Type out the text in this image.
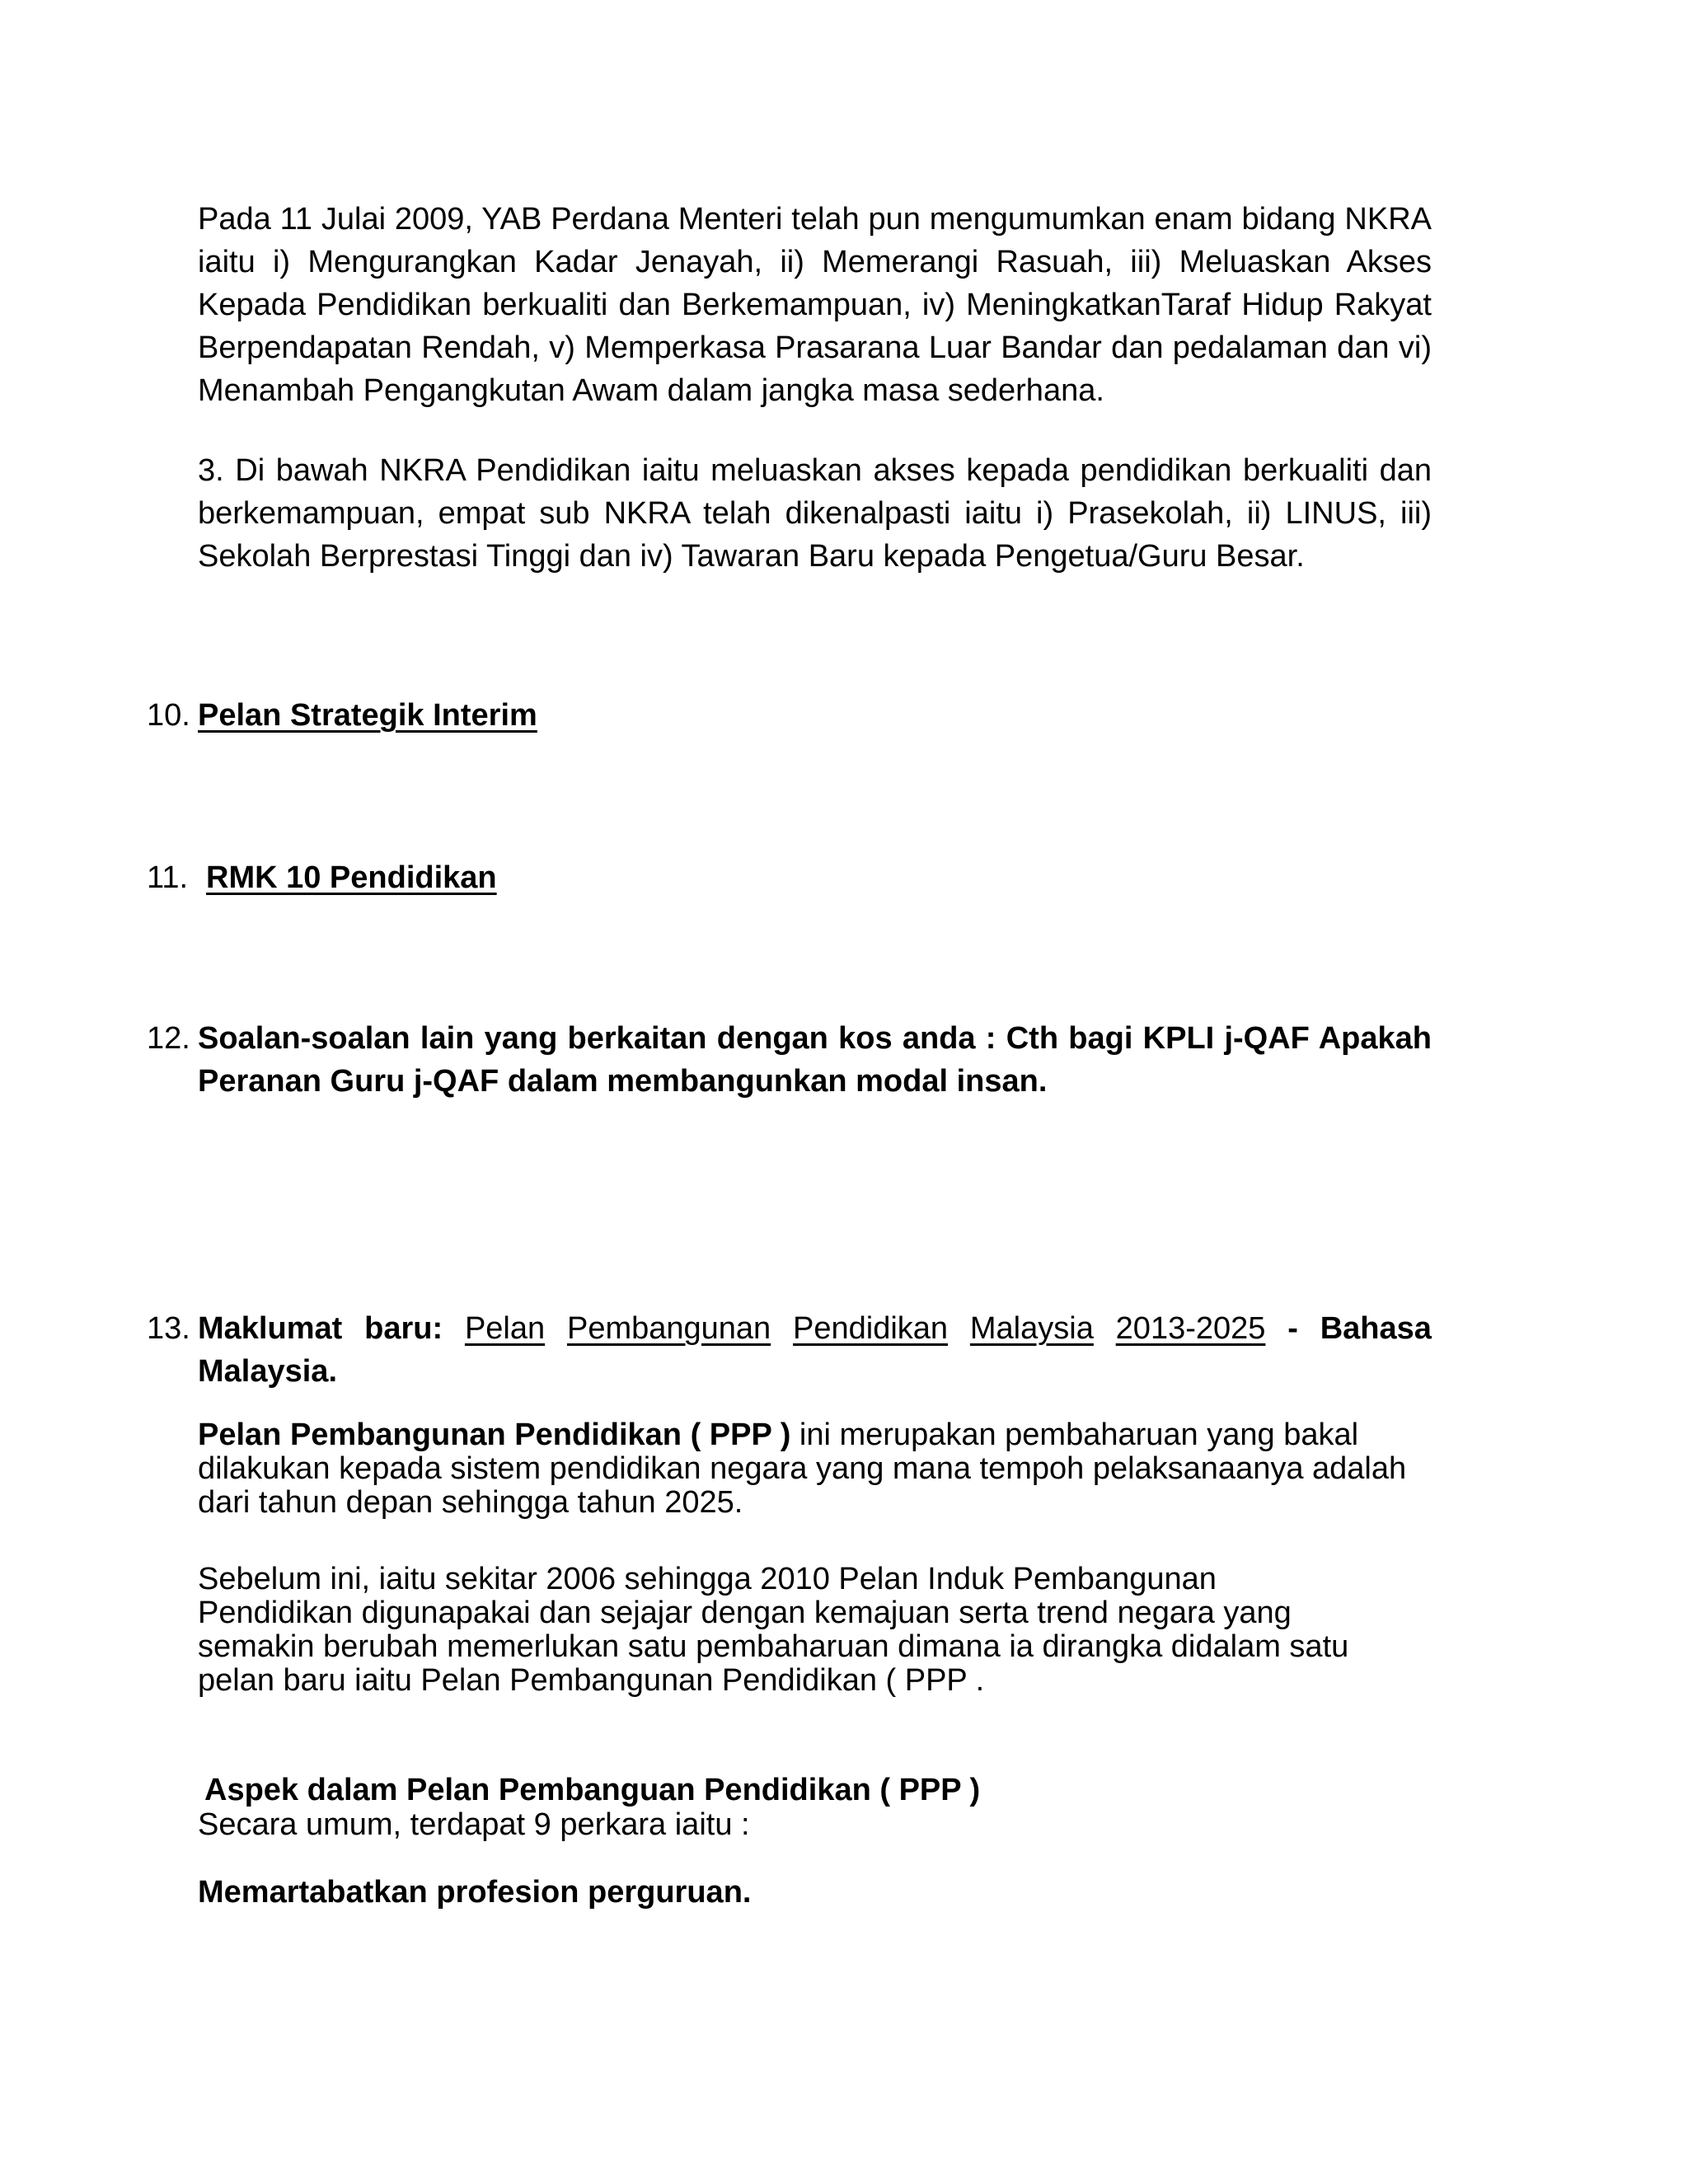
Pada 11 Julai 2009, YAB Perdana Menteri telah pun mengumumkan enam bidang NKRA iaitu i) Mengurangkan Kadar Jenayah, ii) Memerangi Rasuah, iii) Meluaskan Akses Kepada Pendidikan berkualiti dan Berkemampuan, iv) MeningkatkanTaraf Hidup Rakyat Berpendapatan Rendah, v) Memperkasa Prasarana Luar Bandar dan pedalaman dan vi) Menambah Pengangkutan Awam dalam jangka masa sederhana.
3. Di bawah NKRA Pendidikan iaitu meluaskan akses kepada pendidikan berkualiti dan berkemampuan, empat sub NKRA telah dikenalpasti iaitu i) Prasekolah, ii) LINUS, iii) Sekolah Berprestasi Tinggi dan iv) Tawaran Baru kepada Pengetua/Guru Besar.
10. Pelan Strategik Interim
11. RMK 10 Pendidikan
12. Soalan-soalan lain yang berkaitan dengan kos anda : Cth bagi KPLI j-QAF Apakah Peranan Guru j-QAF dalam membangunkan modal insan.
13. Maklumat baru: Pelan Pembangunan Pendidikan Malaysia 2013-2025 - Bahasa
Malaysia.
Pelan Pembangunan Pendidikan ( PPP ) ini merupakan pembaharuan yang bakal dilakukan kepada sistem pendidikan negara yang mana tempoh pelaksanaanya adalah dari tahun depan sehingga tahun 2025.
Sebelum ini, iaitu sekitar 2006 sehingga 2010 Pelan Induk Pembangunan Pendidikan digunapakai dan sejajar dengan kemajuan serta trend negara yang semakin berubah memerlukan satu pembaharuan dimana ia dirangka didalam satu pelan baru iaitu Pelan Pembangunan Pendidikan ( PPP .
Aspek dalam Pelan Pembanguan Pendidikan ( PPP )
Secara umum, terdapat 9 perkara iaitu :
Memartabatkan profesion perguruan.
